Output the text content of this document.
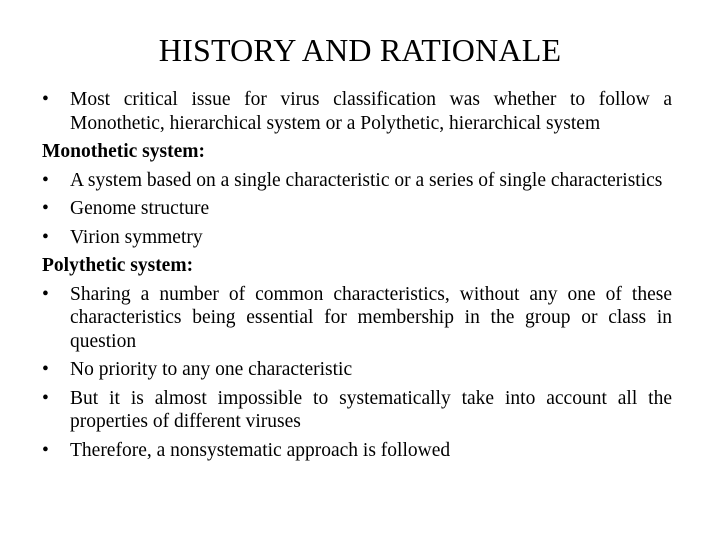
HISTORY AND RATIONALE
•	Most critical issue for virus classification was whether to follow a Monothetic, hierarchical system or a Polythetic, hierarchical system
Monothetic system:
•	A system based on a single characteristic or a series of single characteristics
•	Genome structure
•	Virion symmetry
Polythetic system:
•	Sharing a number of common characteristics, without any one of these characteristics being essential for membership in the group or class in question
•	No priority to any one characteristic
•	But it is almost impossible to systematically take into account all the properties of different viruses
•	Therefore, a nonsystematic approach is followed
